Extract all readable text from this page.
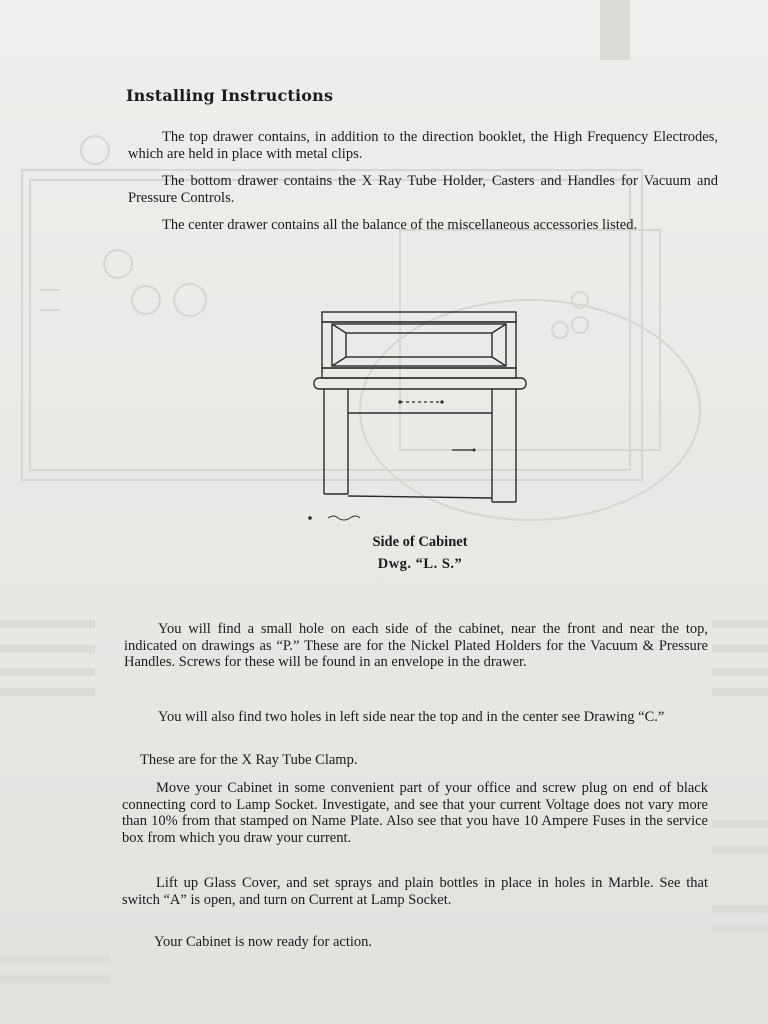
Installing Instructions

The top drawer contains, in addition to the direction booklet, the High Frequency Electrodes, which are held in place with metal clips.

The bottom drawer contains the X Ray Tube Holder, Casters and Handles for Vacuum and Pressure Controls.

The center drawer contains all the balance of the miscellaneous accessories listed.

Side of Cabinet
Dwg. “L. S.”

You will find a small hole on each side of the cabinet, near the front and near the top, indicated on drawings as “P.” These are for the Nickel Plated Holders for the Vacuum & Pressure Handles. Screws for these will be found in an envelope in the drawer.

You will also find two holes in left side near the top and in the center see Drawing “C.”

These are for the X Ray Tube Clamp.

Move your Cabinet in some convenient part of your office and screw plug on end of black connecting cord to Lamp Socket. Investigate, and see that your current Voltage does not vary more than 10% from that stamped on Name Plate. Also see that you have 10 Ampere Fuses in the service box from which you draw your current.

Lift up Glass Cover, and set sprays and plain bottles in place in holes in Marble. See that switch “A” is open, and turn on Current at Lamp Socket.

Your Cabinet is now ready for action.
